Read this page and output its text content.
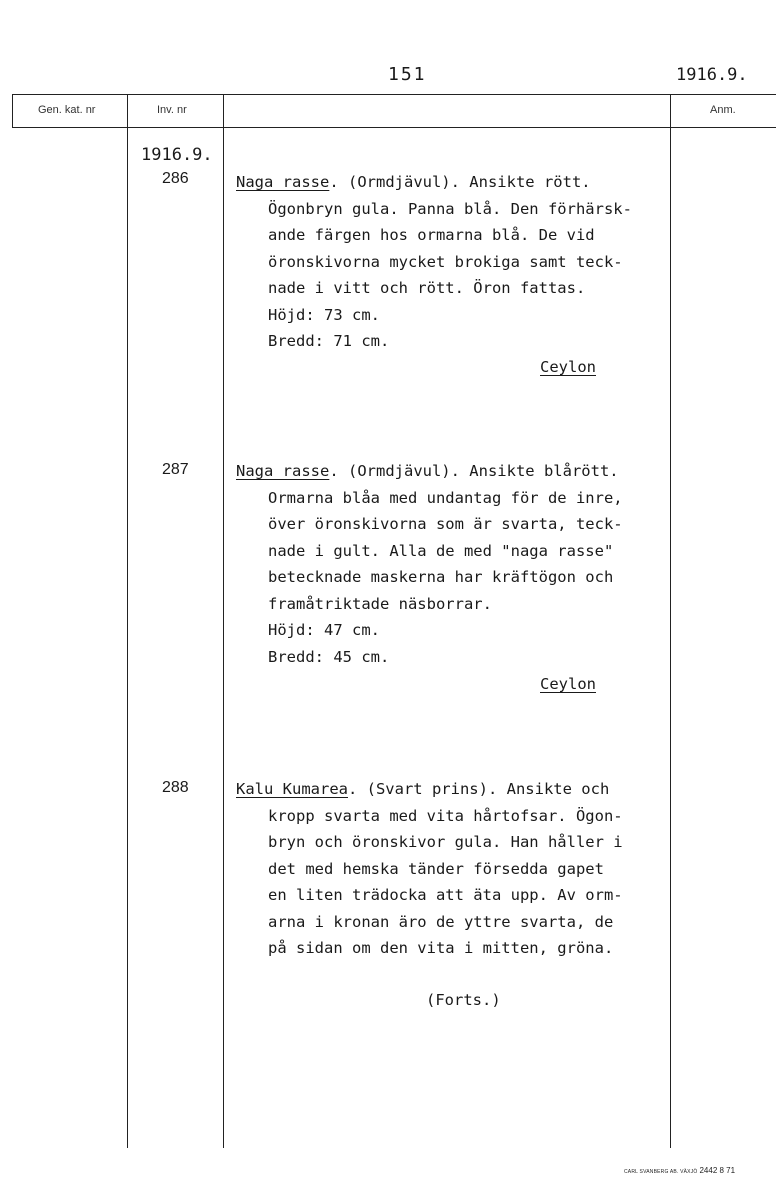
151	1916.9.
Gen. kat. nr	Inv. nr	Anm.
1916.9.
286	Naga rasse. (Ormdjävul). Ansikte rött.
Ögonbryn gula. Panna blå. Den förhärsk-
ande färgen hos ormarna blå. De vid
öronskivorna mycket brokiga samt teck-
nade i vitt och rött. Öron fattas.
Höjd: 73 cm.
Bredd: 71 cm.
Ceylon
287	Naga rasse. (Ormdjävul). Ansikte blårött.
Ormarna blåa med undantag för de inre,
över öronskivorna som är svarta, teck-
nade i gult. Alla de med "naga rasse"
betecknade maskerna har kräftögon och
framåtriktade näsborrar.
Höjd: 47 cm.
Bredd: 45 cm.
Ceylon
288	Kalu Kumarea. (Svart prins). Ansikte och
kropp svarta med vita hårtofsar. Ögon-
bryn och öronskivor gula. Han håller i
det med hemska tänder försedda gapet
en liten trädocka att äta upp. Av orm-
arna i kronan äro de yttre svarta, de
på sidan om den vita i mitten, gröna.
(Forts.)
CARL SVANBERG AB. VÄXJÖ 2442 8 71
